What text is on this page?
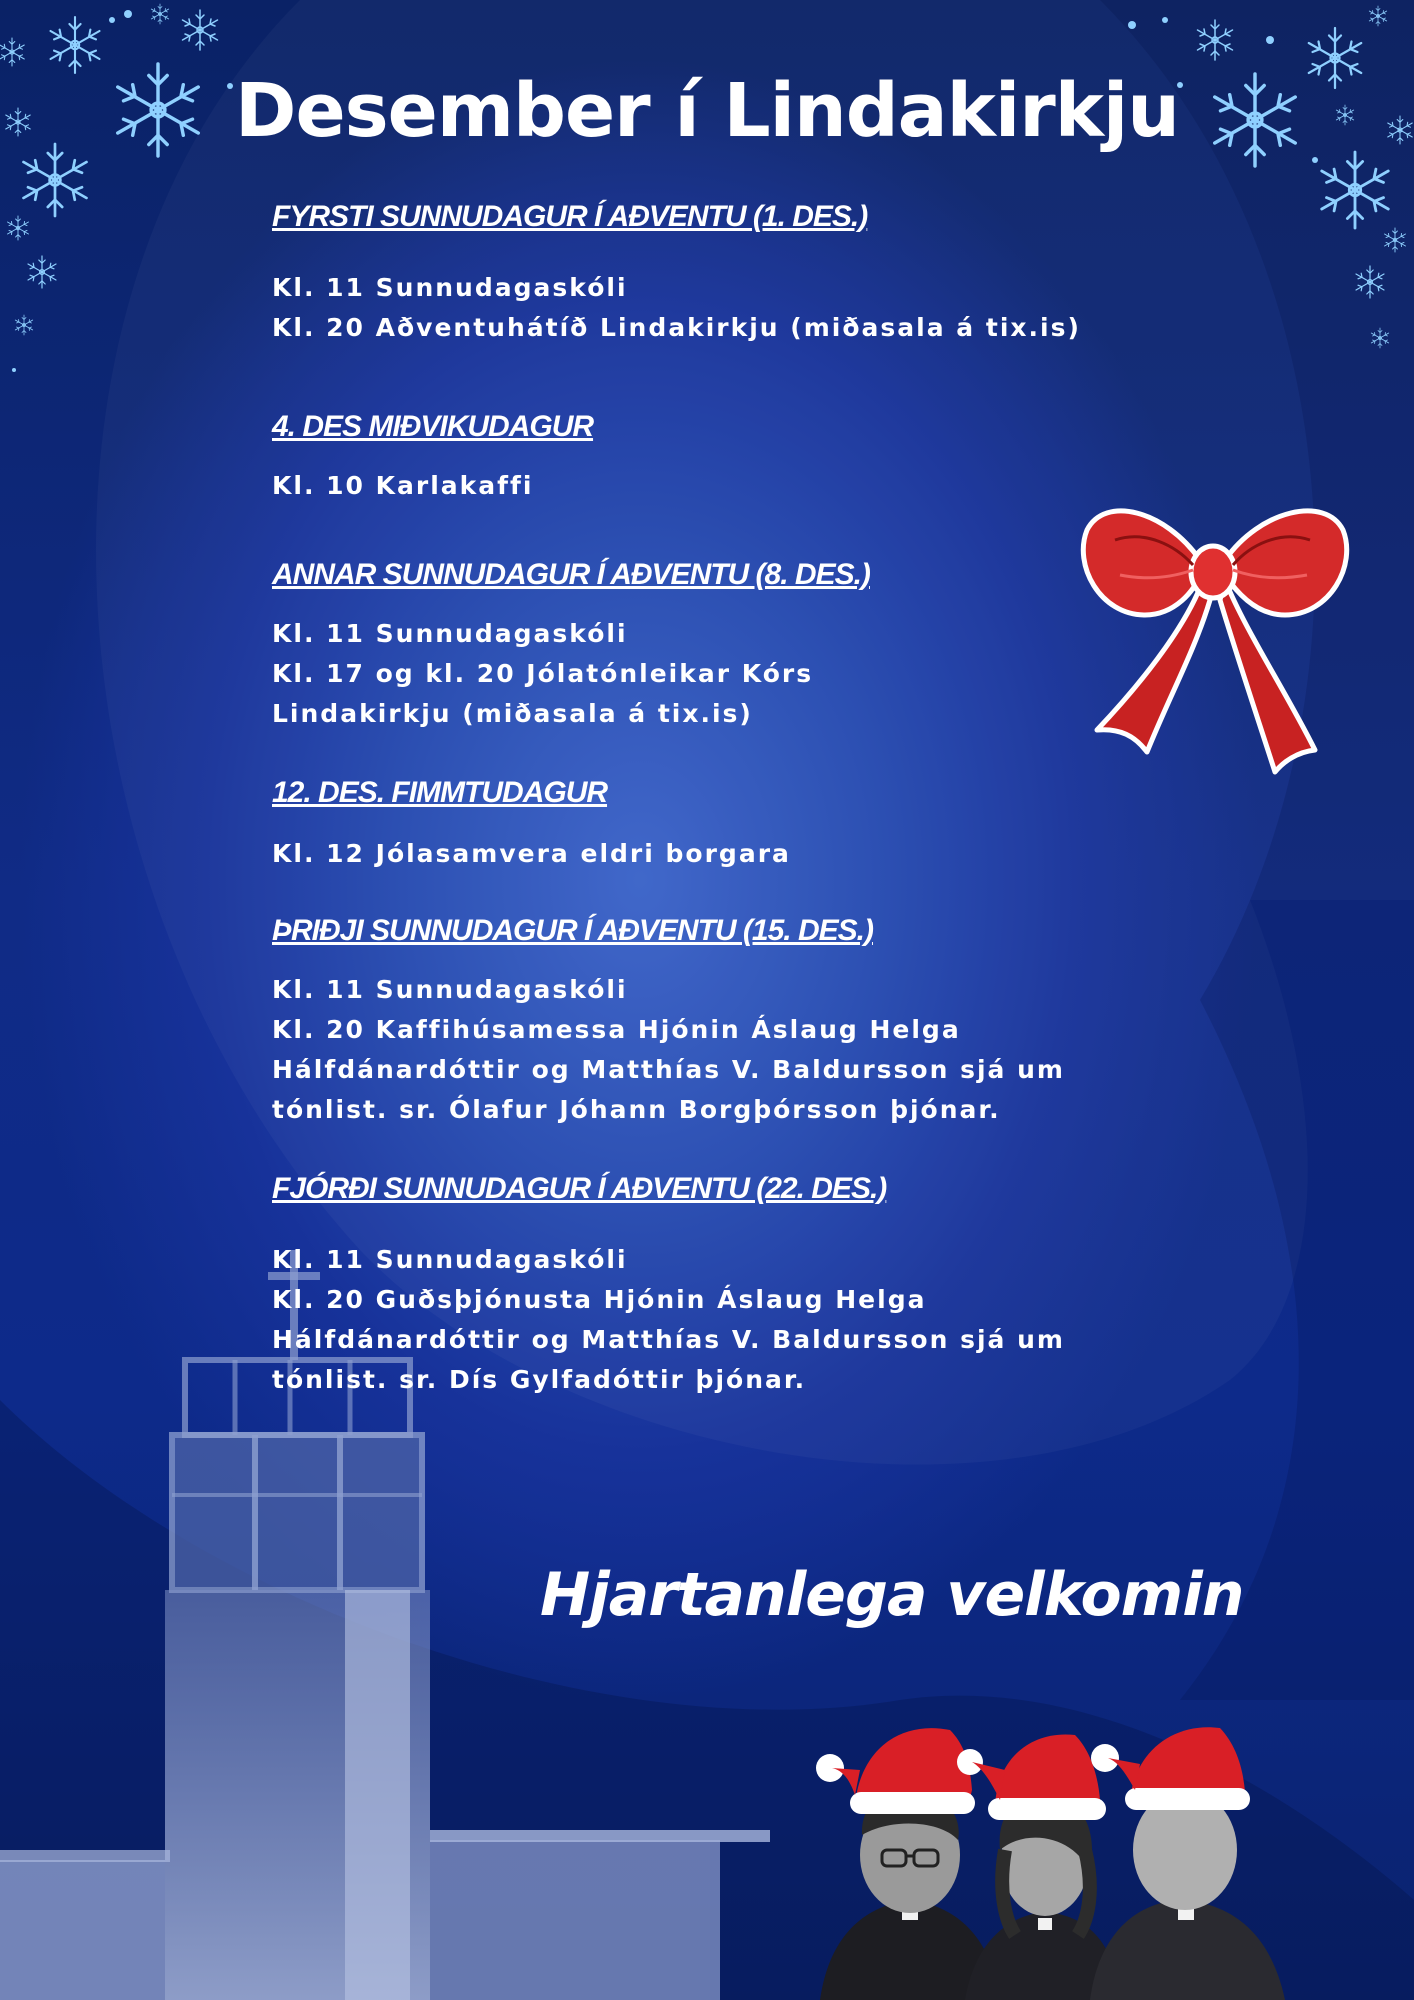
Desember í Lindakirkju

FYRSTI SUNNUDAGUR Í AÐVENTU (1. DES.)

Kl. 11 Sunnudagaskóli

Kl. 20 Aðventuhátíð Lindakirkju (miðasala á tix.is)

4. DES MIÐVIKUDAGUR

Kl. 10 Karlakaffi

ANNAR SUNNUDAGUR Í AÐVENTU (8. DES.)

Kl. 11 Sunnudagaskóli

Kl. 17 og kl. 20 Jólatónleikar Kórs

Lindakirkju (miðasala á tix.is)

12. DES. FIMMTUDAGUR

Kl. 12 Jólasamvera eldri borgara

ÞRIÐJI SUNNUDAGUR Í AÐVENTU (15. DES.)

Kl. 11 Sunnudagaskóli

Kl. 20 Kaffihúsamessa Hjónin Áslaug Helga

Hálfdánardóttir og Matthías V. Baldursson sjá um

tónlist. sr. Ólafur Jóhann Borgþórsson þjónar.

FJÓRÐI SUNNUDAGUR Í AÐVENTU (22. DES.)

Kl. 11 Sunnudagaskóli

Kl. 20 Guðsþjónusta Hjónin Áslaug Helga

Hálfdánardóttir og Matthías V. Baldursson sjá um

tónlist. sr. Dís Gylfadóttir þjónar.

Hjartanlega velkomin
